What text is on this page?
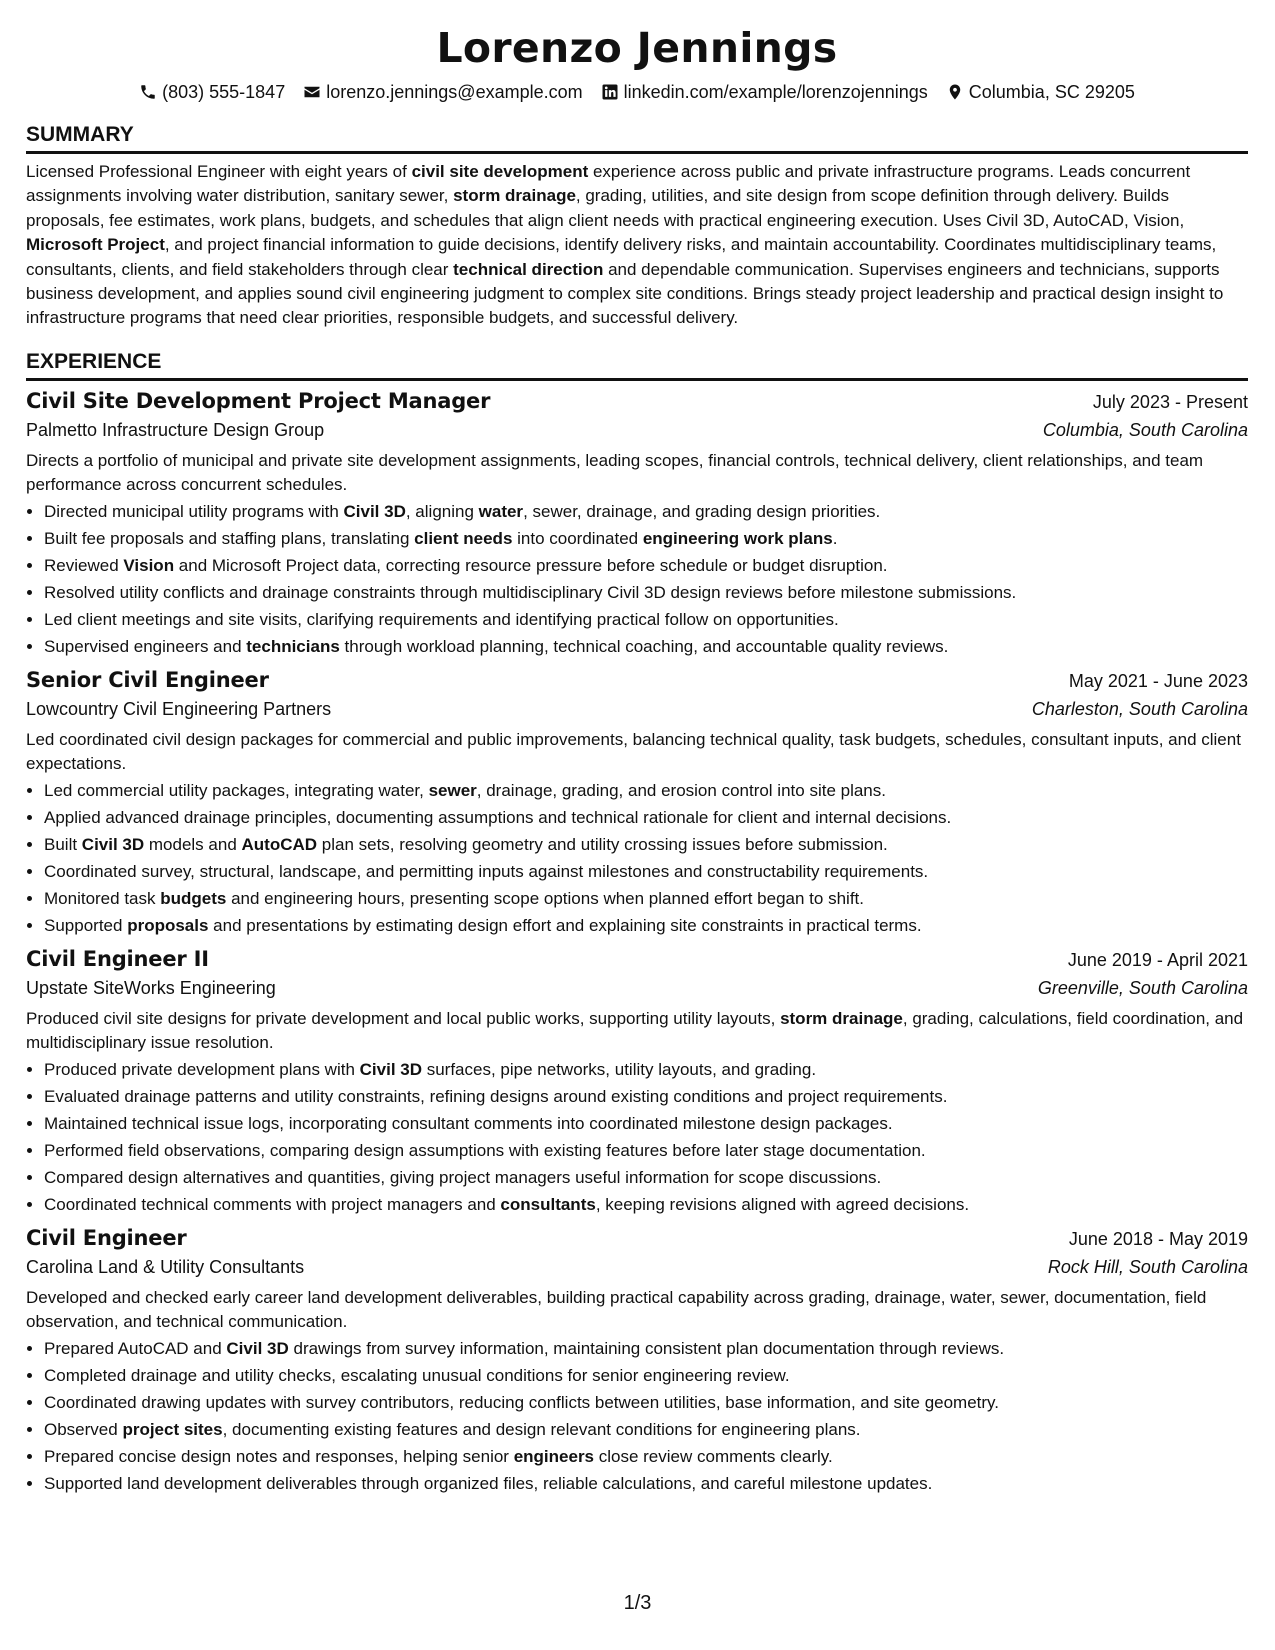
Lorenzo Jennings
(803) 555-1847 lorenzo.jennings@example.com linkedin.com/example/lorenzojennings Columbia, SC 29205
SUMMARY

Licensed Professional Engineer with eight years of civil site development experience across public and private infrastructure programs. Leads concurrent assignments involving water distribution, sanitary sewer, storm drainage, grading, utilities, and site design from scope definition through delivery. Builds proposals, fee estimates, work plans, budgets, and schedules that align client needs with practical engineering execution. Uses Civil 3D, AutoCAD, Vision, Microsoft Project, and project financial information to guide decisions, identify delivery risks, and maintain accountability. Coordinates multidisciplinary teams, consultants, clients, and field stakeholders through clear technical direction and dependable communication. Supervises engineers and technicians, supports business development, and applies sound civil engineering judgment to complex site conditions. Brings steady project leadership and practical design insight to infrastructure programs that need clear priorities, responsible budgets, and successful delivery.

EXPERIENCE
Civil Site Development Project Manager	July 2023 - Present
Palmetto Infrastructure Design Group	Columbia, South Carolina

Directs a portfolio of municipal and private site development assignments, leading scopes, financial controls, technical delivery, client relationships, and team performance across concurrent schedules.

• Directed municipal utility programs with Civil 3D, aligning water, sewer, drainage, and grading design priorities.
• Built fee proposals and staffing plans, translating client needs into coordinated engineering work plans.
• Reviewed Vision and Microsoft Project data, correcting resource pressure before schedule or budget disruption.
• Resolved utility conflicts and drainage constraints through multidisciplinary Civil 3D design reviews before milestone submissions.
• Led client meetings and site visits, clarifying requirements and identifying practical follow on opportunities.
• Supervised engineers and technicians through workload planning, technical coaching, and accountable quality reviews.
Senior Civil Engineer	May 2021 - June 2023
Lowcountry Civil Engineering Partners	Charleston, South Carolina

Led coordinated civil design packages for commercial and public improvements, balancing technical quality, task budgets, schedules, consultant inputs, and client expectations.

• Led commercial utility packages, integrating water, sewer, drainage, grading, and erosion control into site plans.
• Applied advanced drainage principles, documenting assumptions and technical rationale for client and internal decisions.
• Built Civil 3D models and AutoCAD plan sets, resolving geometry and utility crossing issues before submission.
• Coordinated survey, structural, landscape, and permitting inputs against milestones and constructability requirements.
• Monitored task budgets and engineering hours, presenting scope options when planned effort began to shift.
• Supported proposals and presentations by estimating design effort and explaining site constraints in practical terms.
Civil Engineer II	June 2019 - April 2021
Upstate SiteWorks Engineering	Greenville, South Carolina

Produced civil site designs for private development and local public works, supporting utility layouts, storm drainage, grading, calculations, field coordination, and multidisciplinary issue resolution.

• Produced private development plans with Civil 3D surfaces, pipe networks, utility layouts, and grading.
• Evaluated drainage patterns and utility constraints, refining designs around existing conditions and project requirements.
• Maintained technical issue logs, incorporating consultant comments into coordinated milestone design packages.
• Performed field observations, comparing design assumptions with existing features before later stage documentation.
• Compared design alternatives and quantities, giving project managers useful information for scope discussions.
• Coordinated technical comments with project managers and consultants, keeping revisions aligned with agreed decisions.
Civil Engineer	June 2018 - May 2019
Carolina Land & Utility Consultants	Rock Hill, South Carolina

Developed and checked early career land development deliverables, building practical capability across grading, drainage, water, sewer, documentation, field observation, and technical communication.

• Prepared AutoCAD and Civil 3D drawings from survey information, maintaining consistent plan documentation through reviews.
• Completed drainage and utility checks, escalating unusual conditions for senior engineering review.
• Coordinated drawing updates with survey contributors, reducing conflicts between utilities, base information, and site geometry.
• Observed project sites, documenting existing features and design relevant conditions for engineering plans.
• Prepared concise design notes and responses, helping senior engineers close review comments clearly.
• Supported land development deliverables through organized files, reliable calculations, and careful milestone updates.
1/3
